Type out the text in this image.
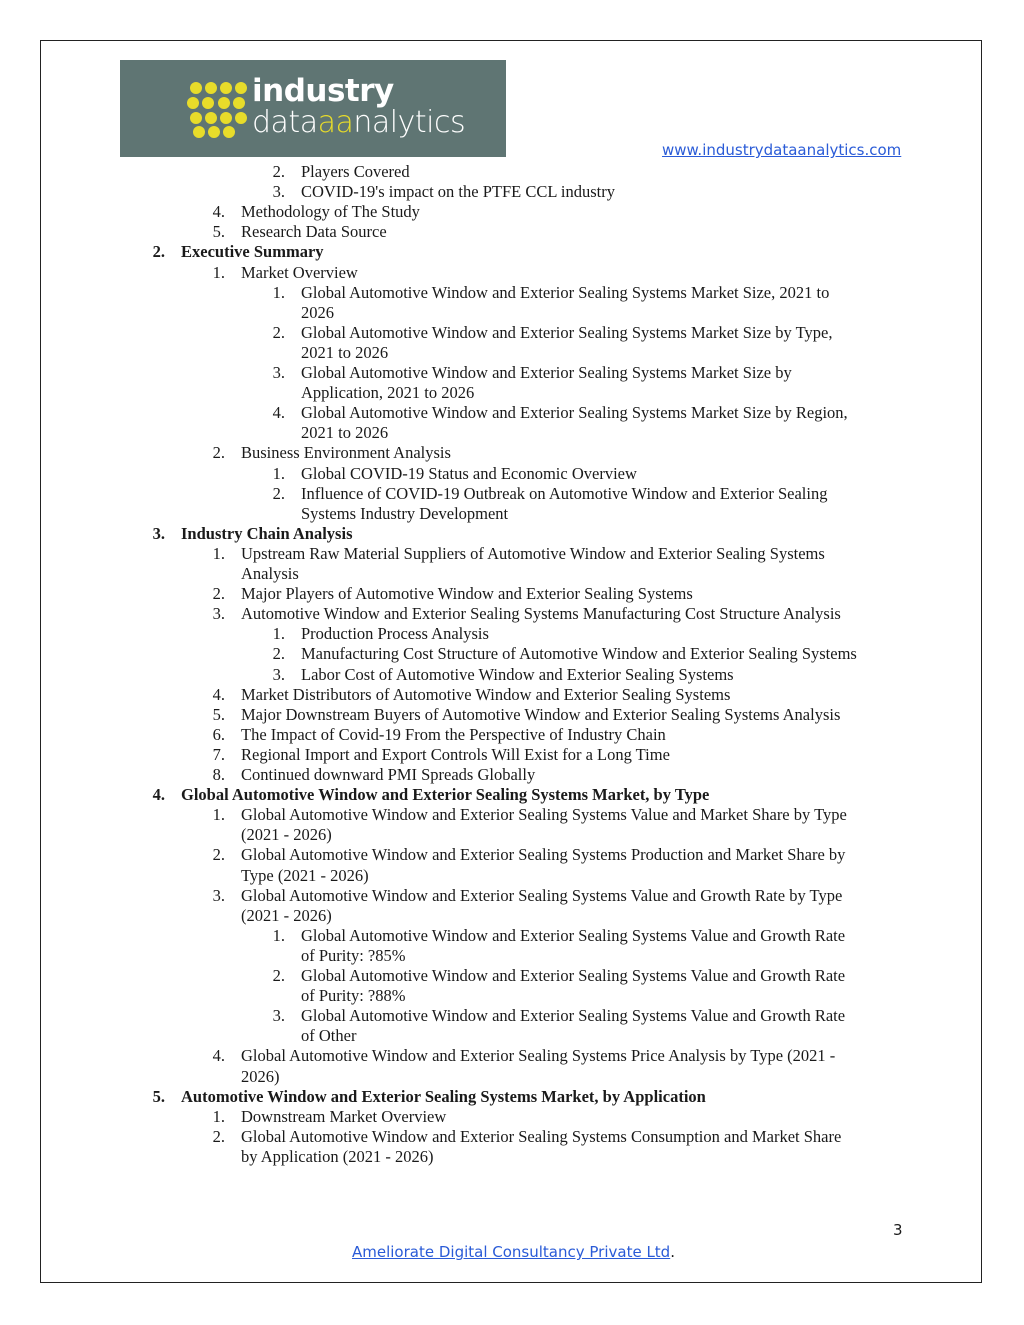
industry
dataaanalytics
www.industrydataanalytics.com
2. Players Covered
3. COVID-19's impact on the PTFE CCL industry
4. Methodology of The Study
5. Research Data Source
2. Executive Summary
1. Market Overview
1. Global Automotive Window and Exterior Sealing Systems Market Size, 2021 to
2026
2. Global Automotive Window and Exterior Sealing Systems Market Size by Type,
2021 to 2026
3. Global Automotive Window and Exterior Sealing Systems Market Size by
Application, 2021 to 2026
4. Global Automotive Window and Exterior Sealing Systems Market Size by Region,
2021 to 2026
2. Business Environment Analysis
1. Global COVID-19 Status and Economic Overview
2. Influence of COVID-19 Outbreak on Automotive Window and Exterior Sealing
Systems Industry Development
3. Industry Chain Analysis
1. Upstream Raw Material Suppliers of Automotive Window and Exterior Sealing Systems
Analysis
2. Major Players of Automotive Window and Exterior Sealing Systems
3. Automotive Window and Exterior Sealing Systems Manufacturing Cost Structure Analysis
1. Production Process Analysis
2. Manufacturing Cost Structure of Automotive Window and Exterior Sealing Systems
3. Labor Cost of Automotive Window and Exterior Sealing Systems
4. Market Distributors of Automotive Window and Exterior Sealing Systems
5. Major Downstream Buyers of Automotive Window and Exterior Sealing Systems Analysis
6. The Impact of Covid-19 From the Perspective of Industry Chain
7. Regional Import and Export Controls Will Exist for a Long Time
8. Continued downward PMI Spreads Globally
4. Global Automotive Window and Exterior Sealing Systems Market, by Type
1. Global Automotive Window and Exterior Sealing Systems Value and Market Share by Type
(2021 - 2026)
2. Global Automotive Window and Exterior Sealing Systems Production and Market Share by
Type (2021 - 2026)
3. Global Automotive Window and Exterior Sealing Systems Value and Growth Rate by Type
(2021 - 2026)
1. Global Automotive Window and Exterior Sealing Systems Value and Growth Rate
of Purity: ?85%
2. Global Automotive Window and Exterior Sealing Systems Value and Growth Rate
of Purity: ?88%
3. Global Automotive Window and Exterior Sealing Systems Value and Growth Rate
of Other
4. Global Automotive Window and Exterior Sealing Systems Price Analysis by Type (2021 -
2026)
5. Automotive Window and Exterior Sealing Systems Market, by Application
1. Downstream Market Overview
2. Global Automotive Window and Exterior Sealing Systems Consumption and Market Share
by Application (2021 - 2026)
3
Ameliorate Digital Consultancy Private Ltd.
